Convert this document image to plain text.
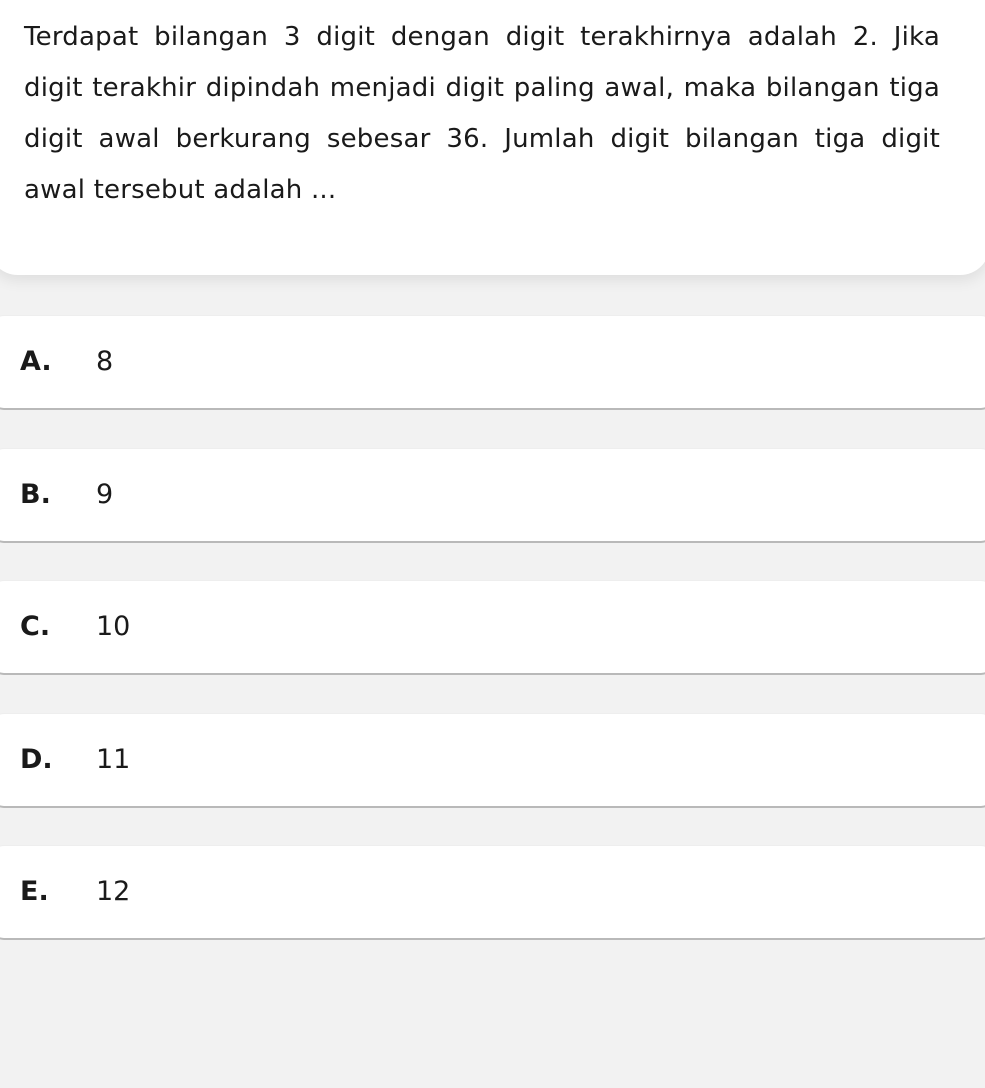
Terdapat bilangan 3 digit dengan digit terakhirnya adalah 2. Jika digit terakhir dipindah menjadi digit paling awal, maka bilangan tiga digit awal berkurang sebesar 36. Jumlah digit bilangan tiga digit awal tersebut adalah ...

A. 8
B. 9
C. 10
D. 11
E. 12
